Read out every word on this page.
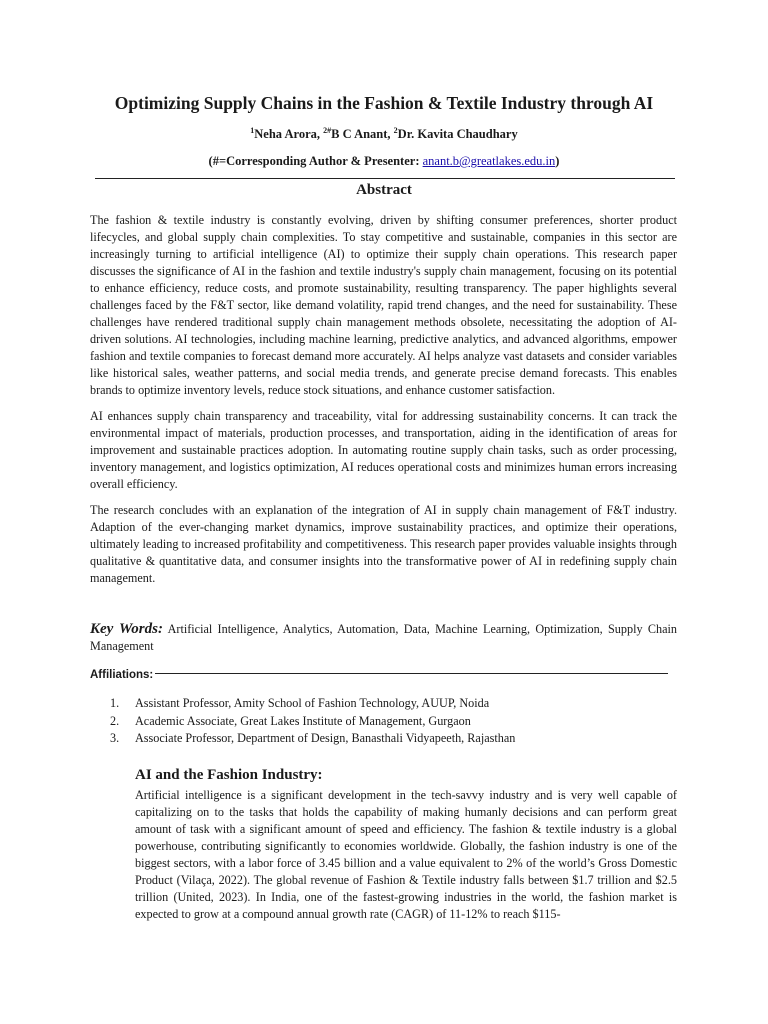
Optimizing Supply Chains in the Fashion & Textile Industry through AI
$^1$Neha Arora, $^{2\#}$B C Anant, $^2$Dr. Kavita Chaudhary
(#=Corresponding Author & Presenter: anant.b@greatlakes.edu.in)
Abstract

The fashion & textile industry is constantly evolving, driven by shifting consumer preferences, shorter product lifecycles, and global supply chain complexities. To stay competitive and sustainable, companies in this sector are increasingly turning to artificial intelligence (AI) to optimize their supply chain operations. This research paper discusses the significance of AI in the fashion and textile industry's supply chain management, focusing on its potential to enhance efficiency, reduce costs, and promote sustainability, resulting transparency. The paper highlights several challenges faced by the F&T sector, like demand volatility, rapid trend changes, and the need for sustainability. These challenges have rendered traditional supply chain management methods obsolete, necessitating the adoption of AI-driven solutions. AI technologies, including machine learning, predictive analytics, and advanced algorithms, empower fashion and textile companies to forecast demand more accurately. AI helps analyze vast datasets and consider variables like historical sales, weather patterns, and social media trends, and generate precise demand forecasts. This enables brands to optimize inventory levels, reduce stock situations, and enhance customer satisfaction.

AI enhances supply chain transparency and traceability, vital for addressing sustainability concerns. It can track the environmental impact of materials, production processes, and transportation, aiding in the identification of areas for improvement and sustainable practices adoption. In automating routine supply chain tasks, such as order processing, inventory management, and logistics optimization, AI reduces operational costs and minimizes human errors increasing overall efficiency.

The research concludes with an explanation of the integration of AI in supply chain management of F&T industry. Adaption of the ever-changing market dynamics, improve sustainability practices, and optimize their operations, ultimately leading to increased profitability and competitiveness. This research paper provides valuable insights through qualitative & quantitative data, and consumer insights into the transformative power of AI in redefining supply chain management.

Key Words: Artificial Intelligence, Analytics, Automation, Data, Machine Learning, Optimization, Supply Chain Management
Affiliations:
1.	Assistant Professor, Amity School of Fashion Technology, AUUP, Noida
2.	Academic Associate, Great Lakes Institute of Management, Gurgaon
3.	Associate Professor, Department of Design, Banasthali Vidyapeeth, Rajasthan
AI and the Fashion Industry:

Artificial intelligence is a significant development in the tech-savvy industry and is very well capable of capitalizing on to the tasks that holds the capability of making humanly decisions and can perform great amount of task with a significant amount of speed and efficiency. The fashion & textile industry is a global powerhouse, contributing significantly to economies worldwide. Globally, the fashion industry is one of the biggest sectors, with a labor force of 3.45 billion and a value equivalent to 2% of the world’s Gross Domestic Product (Vilaça, 2022). The global revenue of Fashion & Textile industry falls between $1.7 trillion and $2.5 trillion (United, 2023). In India, one of the fastest-growing industries in the world, the fashion market is expected to grow at a compound annual growth rate (CAGR) of 11-12% to reach $115-
